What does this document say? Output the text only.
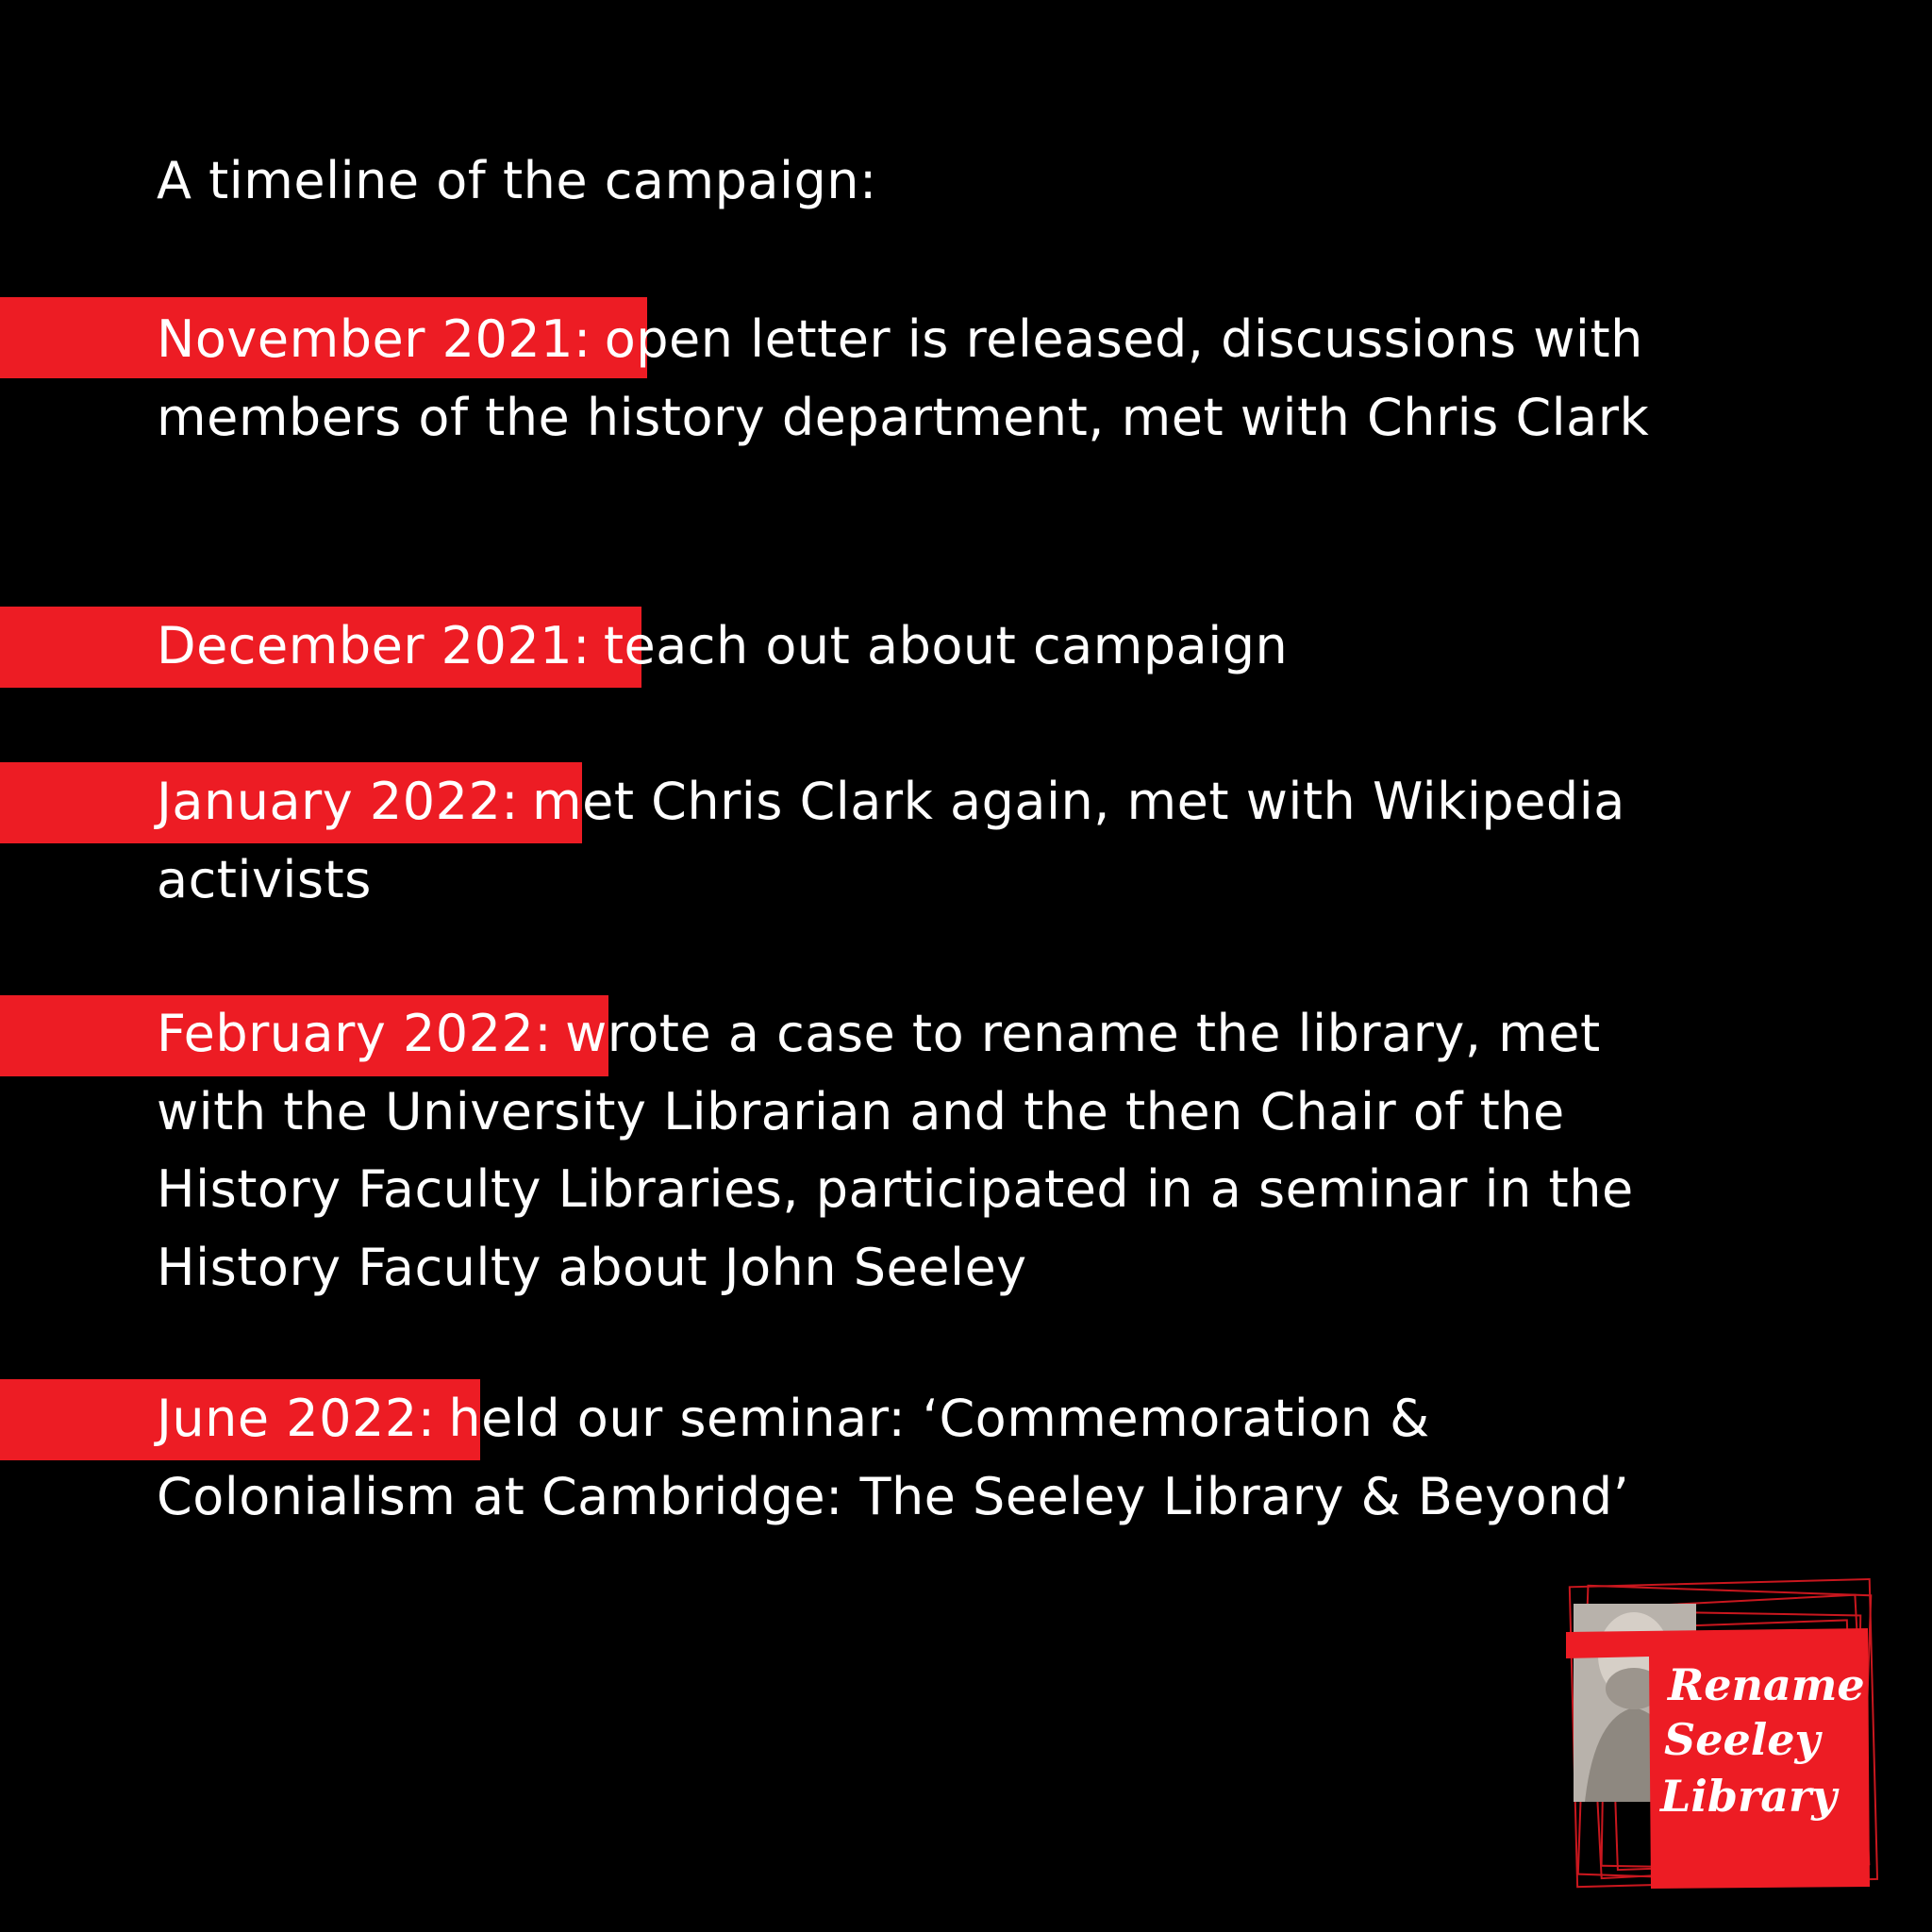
A timeline of the campaign:

November 2021: open letter is released, discussions with members of the history department, met with Chris Clark

December 2021: teach out about campaign

January 2022: met Chris Clark again, met with Wikipedia activists

February 2022: wrote a case to rename the library, met with the University Librarian and the then Chair of the History Faculty Libraries, participated in a seminar in the History Faculty about John Seeley

June 2022: held our seminar: ‘Commemoration & Colonialism at Cambridge: The Seeley Library & Beyond’

Rename
Seeley
Library
